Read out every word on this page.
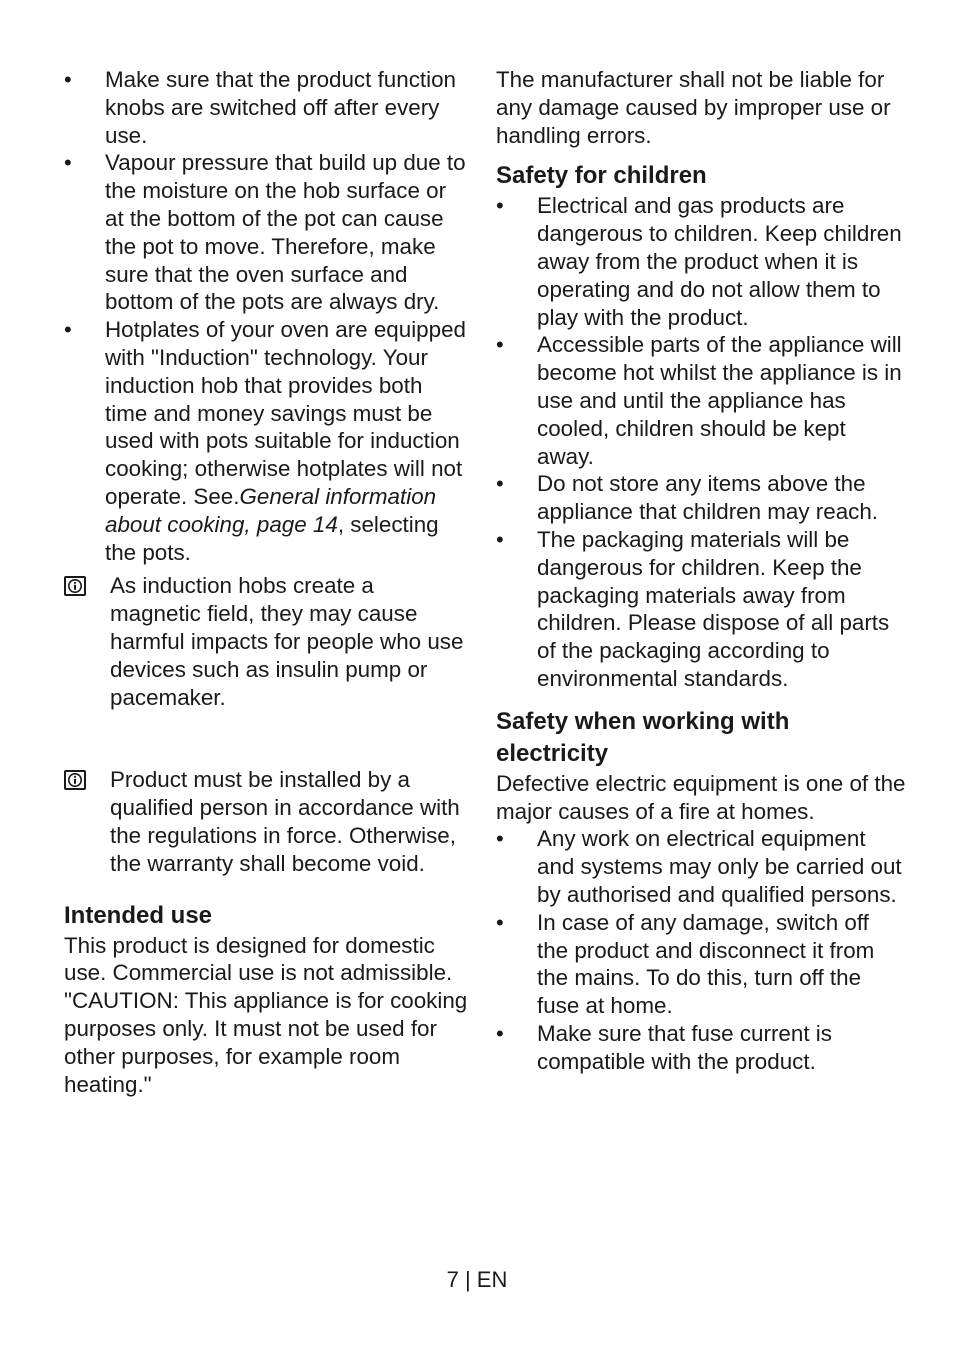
• Make sure that the product function knobs are switched off after every use.
• Vapour pressure that build up due to the moisture on the hob surface or at the bottom of the pot can cause the pot to move. Therefore, make sure that the oven surface and bottom of the pots are always dry.
• Hotplates of your oven are equipped with "Induction" technology. Your induction hob that provides both time and money savings must be used with pots suitable for induction cooking; otherwise hotplates will not operate. See.General information about cooking, page 14, selecting the pots.

As induction hobs create a magnetic field, they may cause harmful impacts for people who use devices such as insulin pump or pacemaker.

Product must be installed by a qualified person in accordance with the regulations in force. Otherwise, the warranty shall become void.

Intended use

This product is designed for domestic use. Commercial use is not admissible. "CAUTION: This appliance is for cooking purposes only. It must not be used for other purposes, for example room heating."

The manufacturer shall not be liable for any damage caused by improper use or handling errors.

Safety for children
• Electrical and gas products are dangerous to children. Keep children away from the product when it is operating and do not allow them to play with the product.
• Accessible parts of the appliance will become hot whilst the appliance is in use and until the appliance has cooled, children should be kept away.
• Do not store any items above the appliance that children may reach.
• The packaging materials will be dangerous for children. Keep the packaging materials away from children. Please dispose of all parts of the packaging according to environmental standards.
Safety when working with electricity

Defective electric equipment is one of the major causes of a fire at homes.

• Any work on electrical equipment and systems may only be carried out by authorised and qualified persons.
• In case of any damage, switch off the product and disconnect it from the mains. To do this, turn off the fuse at home.
• Make sure that fuse current is compatible with the product.
7 | EN
